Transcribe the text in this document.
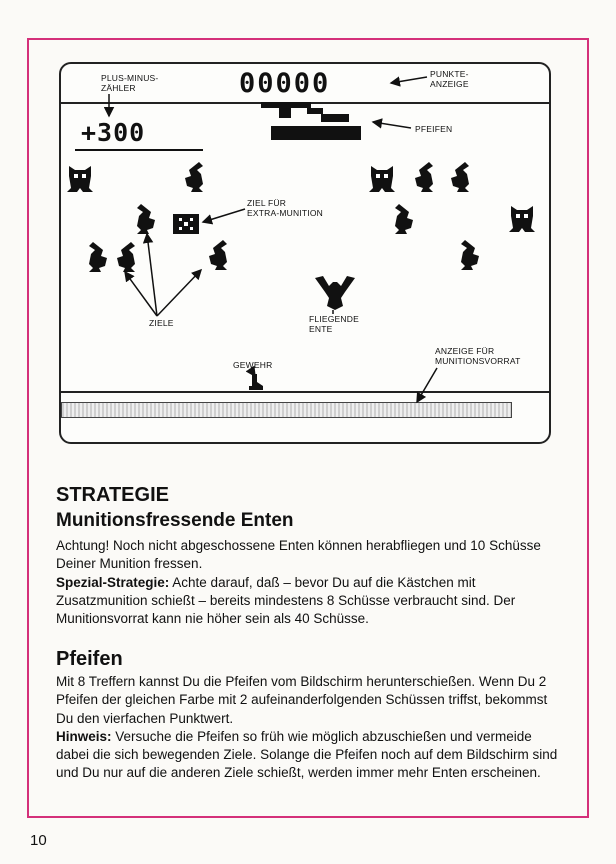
00000	PUNKTE-
ANZEIGE
PLUS-MINUS-
ZÄHLER
+300	PFEIFEN
ZIEL FÜR
EXTRA-MUNITION
FLIEGENDE
ENTE
ZIELE
GEWEHR
ANZEIGE FÜR
MUNITIONSVORRAT
STRATEGIE
Munitionsfressende Enten
Achtung! Noch nicht abgeschossene Enten können herabfliegen und 10 Schüsse Deiner Munition fressen.
Spezial-Strategie: Achte darauf, daß – bevor Du auf die Kästchen mit Zusatzmunition schießt – bereits mindestens 8 Schüsse verbraucht sind. Der Munitionsvorrat kann nie höher sein als 40 Schüsse.
Pfeifen
Mit 8 Treffern kannst Du die Pfeifen vom Bildschirm herunterschießen. Wenn Du 2 Pfeifen der gleichen Farbe mit 2 aufeinanderfolgenden Schüssen triffst, bekommst Du den vierfachen Punktwert.
Hinweis: Versuche die Pfeifen so früh wie möglich abzuschießen und vermeide dabei die sich bewegenden Ziele. Solange die Pfeifen noch auf dem Bildschirm sind und Du nur auf die anderen Ziele schießt, werden immer mehr Enten erscheinen.
10
